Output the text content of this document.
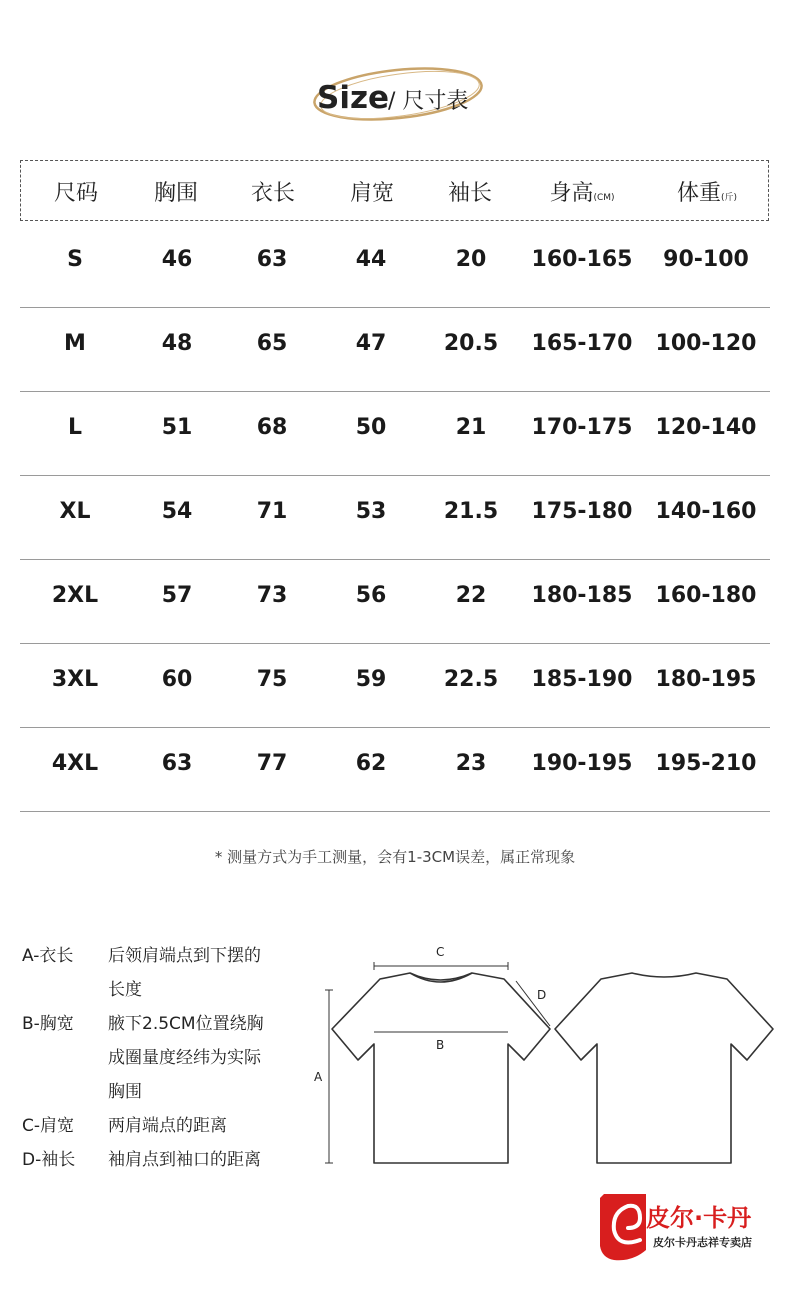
Size
/ 尺寸表
尺码	胸围 衣长 肩宽 袖长	身高(CM)	体重(斤)
S	46	63	44	20 160-165 90-100
M	48	65	47	20.5 165-170 100-120
L	51	68	50	21 170-175 120-140
XL	54	71	53	21.5 175-180 140-160
2XL	57	73	56	22 180-185 160-180
3XL	60	75	59	22.5 185-190 180-195
4XL	63	77	62	23 190-195 195-210
* 测量方式为手工测量，会有1-3CM误差，属正常现象
A-衣长	后领肩端点到下摆的
长度
B-胸宽	腋下2.5CM位置绕胸
成圈量度经纬为实际
胸围
C-肩宽	两肩端点的距离
D-袖长	袖肩点到袖口的距离
A
B
C
D
皮尔·卡丹
皮尔卡丹志祥专卖店
